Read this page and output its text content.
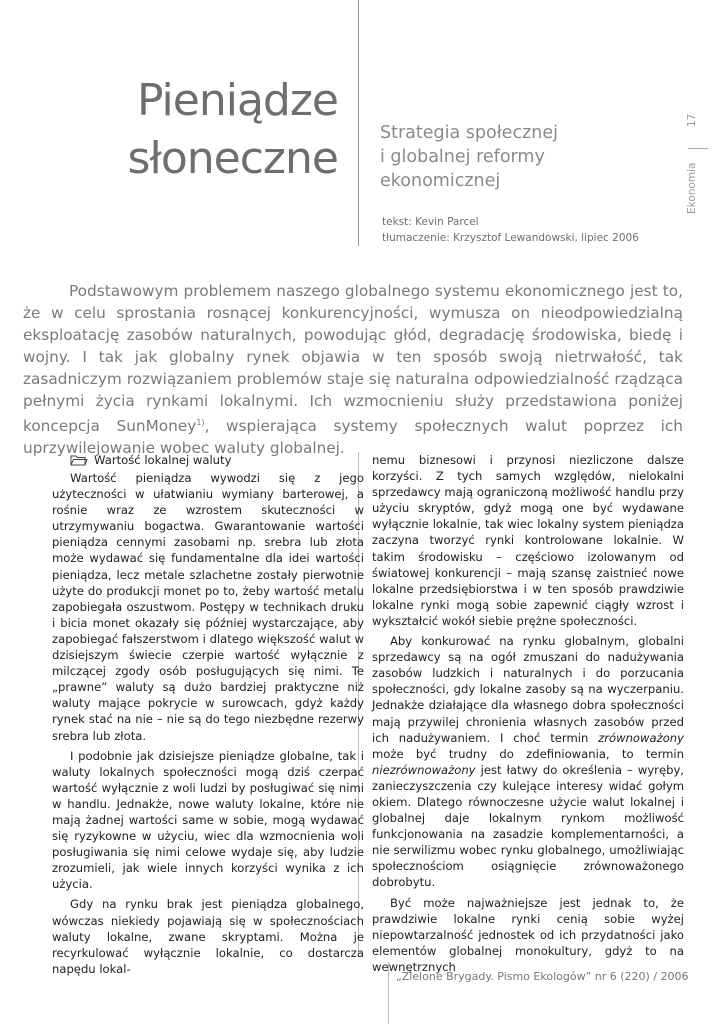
Pieniądze
słoneczne Strategia społecznej
i globalnej reformy
ekonomicznej
tekst: Kevin Parcel
tłumaczenie: Krzysztof Lewandowski, lipiec 2006
17
Ekonomia
Podstawowym problemem naszego globalnego systemu ekonomicznego jest to, że w celu sprostania rosnącej konkurencyjności, wymusza on nieodpowiedzialną eksploatację zasobów naturalnych, powodując głód, degradację środowiska, biedę i wojny. I tak jak globalny rynek objawia w ten sposób swoją nietrwałość, tak zasadniczym rozwiązaniem problemów staje się naturalna odpowiedzialność rządząca pełnymi życia rynkami lokalnymi. Ich wzmocnieniu służy przedstawiona poniżej koncepcja SunMoney$^{1)}$, wspierająca systemy społecznych walut poprzez ich uprzywilejowanie wobec waluty globalnej.
Wartość lokalnej waluty

Wartość pieniądza wywodzi się z jego użyteczności w ułatwianiu wymiany barterowej, a rośnie wraz ze wzrostem skuteczności w utrzymywaniu bogactwa. Gwarantowanie wartości pieniądza cennymi zasobami np. srebra lub złota może wydawać się fundamentalne dla idei wartości pieniądza, lecz metale szlachetne zostały pierwotnie użyte do produkcji monet po to, żeby wartość metalu zapobiegała oszustwom. Postępy w technikach druku i bicia monet okazały się później wystarczające, aby zapobiegać fałszerstwom i dlatego większość walut w dzisiejszym świecie czerpie wartość wyłącznie z milczącej zgody osób posługujących się nimi. Te „prawne” waluty są dużo bardziej praktyczne niż waluty mające pokrycie w surowcach, gdyż każdy rynek stać na nie – nie są do tego niezbędne rezerwy srebra lub złota.

I podobnie jak dzisiejsze pieniądze globalne, tak i waluty lokalnych społeczności mogą dziś czerpać wartość wyłącznie z woli ludzi by posługiwać się nimi w handlu. Jednakże, nowe waluty lokalne, które nie mają żadnej wartości same w sobie, mogą wydawać się ryzykowne w użyciu, wiec dla wzmocnienia woli posługiwania się nimi celowe wydaje się, aby ludzie zrozumieli, jak wiele innych korzyści wynika z ich użycia.

Gdy na rynku brak jest pieniądza globalnego, wówczas niekiedy pojawiają się w społecznościach waluty lokalne, zwane skryptami. Można je recyrkulować wyłącznie lokalnie, co dostarcza napędu lokal-

nemu biznesowi i przynosi niezliczone dalsze korzyści. Z tych samych względów, nielokalni sprzedawcy mają ograniczoną możliwość handlu przy użyciu skryptów, gdyż mogą one być wydawane wyłącznie lokalnie, tak wiec lokalny system pieniądza zaczyna tworzyć rynki kontrolowane lokalnie. W takim środowisku – częściowo izolowanym od światowej konkurencji – mają szansę zaistnieć nowe lokalne przedsiębiorstwa i w ten sposób prawdziwie lokalne rynki mogą sobie zapewnić ciągły wzrost i wykształcić wokół siebie prężne społeczności.

Aby konkurować na rynku globalnym, globalni sprzedawcy są na ogół zmuszani do nadużywania zasobów ludzkich i naturalnych i do porzucania społeczności, gdy lokalne zasoby są na wyczerpaniu. Jednakże działające dla własnego dobra społeczności mają przywilej chronienia własnych zasobów przed ich nadużywaniem. I choć termin zrównoważony może być trudny do zdefiniowania, to termin niezrównoważony jest łatwy do określenia – wyręby, zanieczyszczenia czy kulejące interesy widać gołym okiem. Dlatego równoczesne użycie walut lokalnej i globalnej daje lokalnym rynkom możliwość funkcjonowania na zasadzie komplementarności, a nie serwilizmu wobec rynku globalnego, umożliwiając społecznościom osiągnięcie zrównoważonego dobrobytu.

Być może najważniejsze jest jednak to, że prawdziwie lokalne rynki cenią sobie wyżej niepowtarzalność jednostek od ich przydatności jako elementów globalnej monokultury, gdyż to na wewnętrznych

„Zielone Brygady. Pismo Ekologów” nr 6 (220) / 2006
